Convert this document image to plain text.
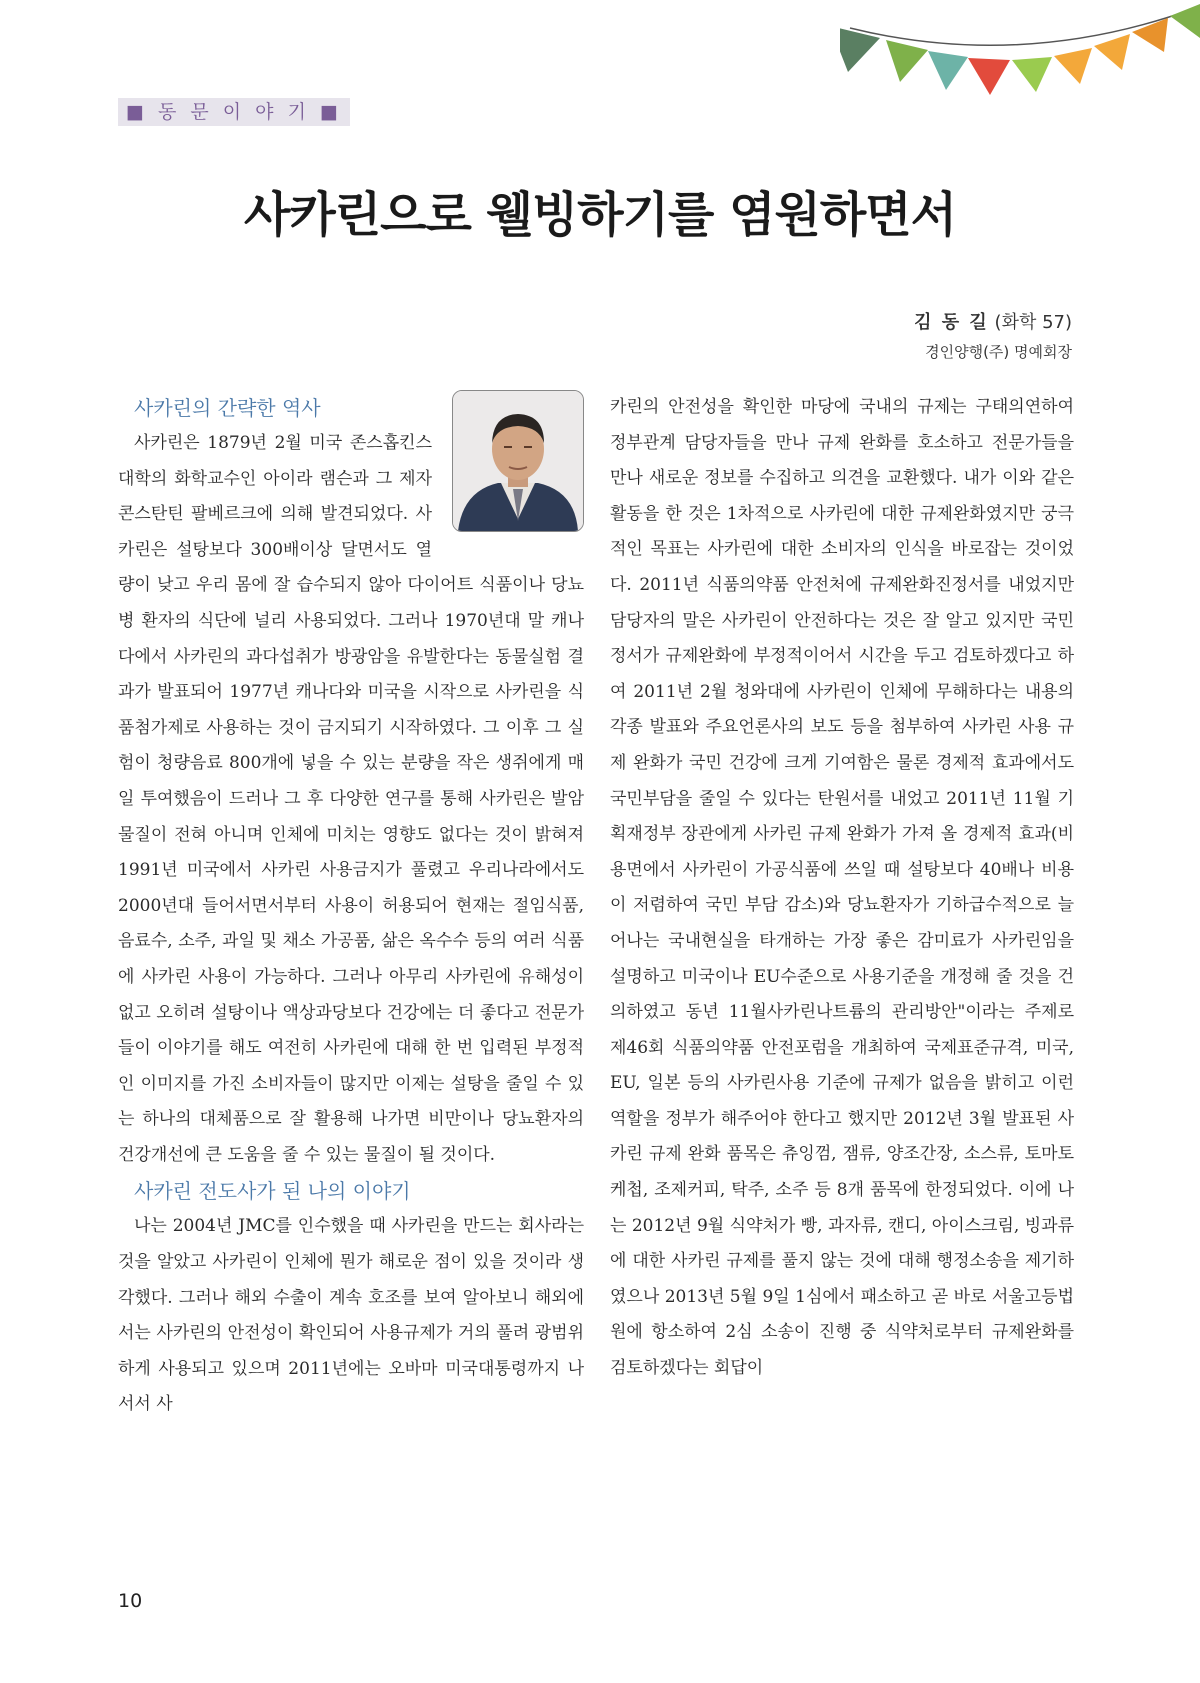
■ 동 문 이 야 기 ■
사카린으로 웰빙하기를 염원하면서
김 동 길 (화학 57)
경인양행(주) 명예회장

사카린의 간략한 역사

사카린은 1879년 2월 미국 존스홉킨스대학의 화학교수인 아이라 램슨과 그 제자 콘스탄틴 팔베르크에 의해 발견되었다. 사카린은 설탕보다 300배이상 달면서도 열량이 낮고 우리 몸에 잘 습수되지 않아 다이어트 식품이나 당뇨병 환자의 식단에 널리 사용되었다. 그러나 1970년대 말 캐나다에서 사카린의 과다섭취가 방광암을 유발한다는 동물실험 결과가 발표되어 1977년 캐나다와 미국을 시작으로 사카린을 식품첨가제로 사용하는 것이 금지되기 시작하였다. 그 이후 그 실험이 청량음료 800개에 넣을 수 있는 분량을 작은 생쥐에게 매일 투여했음이 드러나 그 후 다양한 연구를 통해 사카린은 발암 물질이 전혀 아니며 인체에 미치는 영향도 없다는 것이 밝혀져 1991년 미국에서 사카린 사용금지가 풀렸고 우리나라에서도 2000년대 들어서면서부터 사용이 허용되어 현재는 절임식품, 음료수, 소주, 과일 및 채소 가공품, 삶은 옥수수 등의 여러 식품에 사카린 사용이 가능하다. 그러나 아무리 사카린에 유해성이 없고 오히려 설탕이나 액상과당보다 건강에는 더 좋다고 전문가들이 이야기를 해도 여전히 사카린에 대해 한 번 입력된 부정적인 이미지를 가진 소비자들이 많지만 이제는 설탕을 줄일 수 있는 하나의 대체품으로 잘 활용해 나가면 비만이나 당뇨환자의 건강개선에 큰 도움을 줄 수 있는 물질이 될 것이다.

사카린 전도사가 된 나의 이야기

나는 2004년 JMC를 인수했을 때 사카린을 만드는 회사라는 것을 알았고 사카린이 인체에 뭔가 해로운 점이 있을 것이라 생각했다. 그러나 해외 수출이 계속 호조를 보여 알아보니 해외에서는 사카린의 안전성이 확인되어 사용규제가 거의 풀려 광범위하게 사용되고 있으며 2011년에는 오바마 미국대통령까지 나서서 사

카린의 안전성을 확인한 마당에 국내의 규제는 구태의연하여 정부관계 담당자들을 만나 규제 완화를 호소하고 전문가들을 만나 새로운 정보를 수집하고 의견을 교환했다. 내가 이와 같은 활동을 한 것은 1차적으로 사카린에 대한 규제완화였지만 궁극적인 목표는 사카린에 대한 소비자의 인식을 바로잡는 것이었다. 2011년 식품의약품 안전처에 규제완화진정서를 내었지만 담당자의 말은 사카린이 안전하다는 것은 잘 알고 있지만 국민정서가 규제완화에 부정적이어서 시간을 두고 검토하겠다고 하여 2011년 2월 청와대에 사카린이 인체에 무해하다는 내용의 각종 발표와 주요언론사의 보도 등을 첨부하여 사카린 사용 규제 완화가 국민 건강에 크게 기여함은 물론 경제적 효과에서도 국민부담을 줄일 수 있다는 탄원서를 내었고 2011년 11월 기획재정부 장관에게 사카린 규제 완화가 가져 올 경제적 효과(비용면에서 사카린이 가공식품에 쓰일 때 설탕보다 40배나 비용이 저렴하여 국민 부담 감소)와 당뇨환자가 기하급수적으로 늘어나는 국내현실을 타개하는 가장 좋은 감미료가 사카린임을 설명하고 미국이나 EU수준으로 사용기준을 개정해 줄 것을 건의하였고 동년 11월사카린나트륨의 관리방안"이라는 주제로 제46회 식품의약품 안전포럼을 개최하여 국제표준규격, 미국, EU, 일본 등의 사카린사용 기준에 규제가 없음을 밝히고 이런 역할을 정부가 해주어야 한다고 했지만 2012년 3월 발표된 사카린 규제 완화 품목은 츄잉껌, 잼류, 양조간장, 소스류, 토마토케첩, 조제커피, 탁주, 소주 등 8개 품목에 한정되었다. 이에 나는 2012년 9월 식약처가 빵, 과자류, 캔디, 아이스크림, 빙과류에 대한 사카린 규제를 풀지 않는 것에 대해 행정소송을 제기하였으나 2013년 5월 9일 1심에서 패소하고 곧 바로 서울고등법원에 항소하여 2심 소송이 진행 중 식약처로부터 규제완화를 검토하겠다는 회답이

10
